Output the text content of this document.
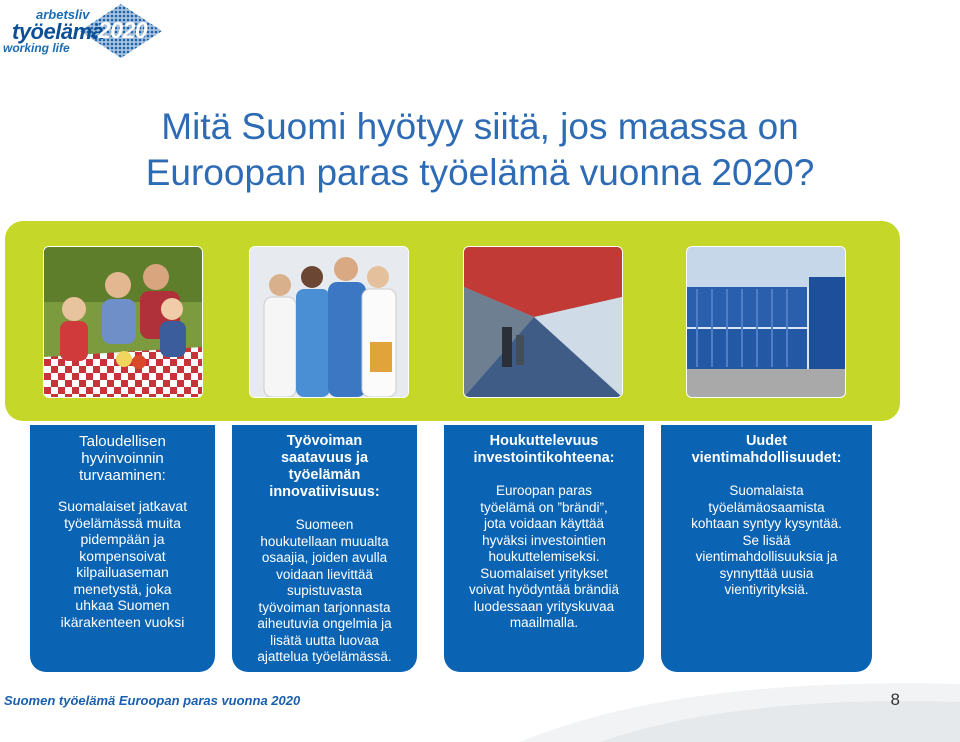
arbetsliv
työelämä
2020
working life
Mitä Suomi hyötyy siitä, jos maassa on
Euroopan paras työelämä vuonna 2020?
Taloudellisen
hyvinvoinnin
turvaaminen:
Suomalaiset jatkavat
työelämässä muita
pidempään ja
kompensoivat
kilpailuaseman
menetystä, joka
uhkaa Suomen
ikärakenteen vuoksi
Työvoiman
saatavuus ja
työelämän
innovatiivisuus:
Suomeen
houkutellaan muualta
osaajia, joiden avulla
voidaan lievittää
supistuvasta
työvoiman tarjonnasta
aiheutuvia ongelmia ja
lisätä uutta luovaa
ajattelua työelämässä.
Houkuttelevuus
investointikohteena:
Euroopan paras
työelämä on ”brändi”,
jota voidaan käyttää
hyväksi investointien
houkuttelemiseksi.
Suomalaiset yritykset
voivat hyödyntää brändiä
luodessaan yrityskuvaa
maailmalla.
Uudet
vientimahdollisuudet:
Suomalaista
työelämäosaamista
kohtaan syntyy kysyntää.
Se lisää
vientimahdollisuuksia ja
synnyttää uusia
vientiyrityksiä.
Suomen työelämä Euroopan paras vuonna 2020	8
